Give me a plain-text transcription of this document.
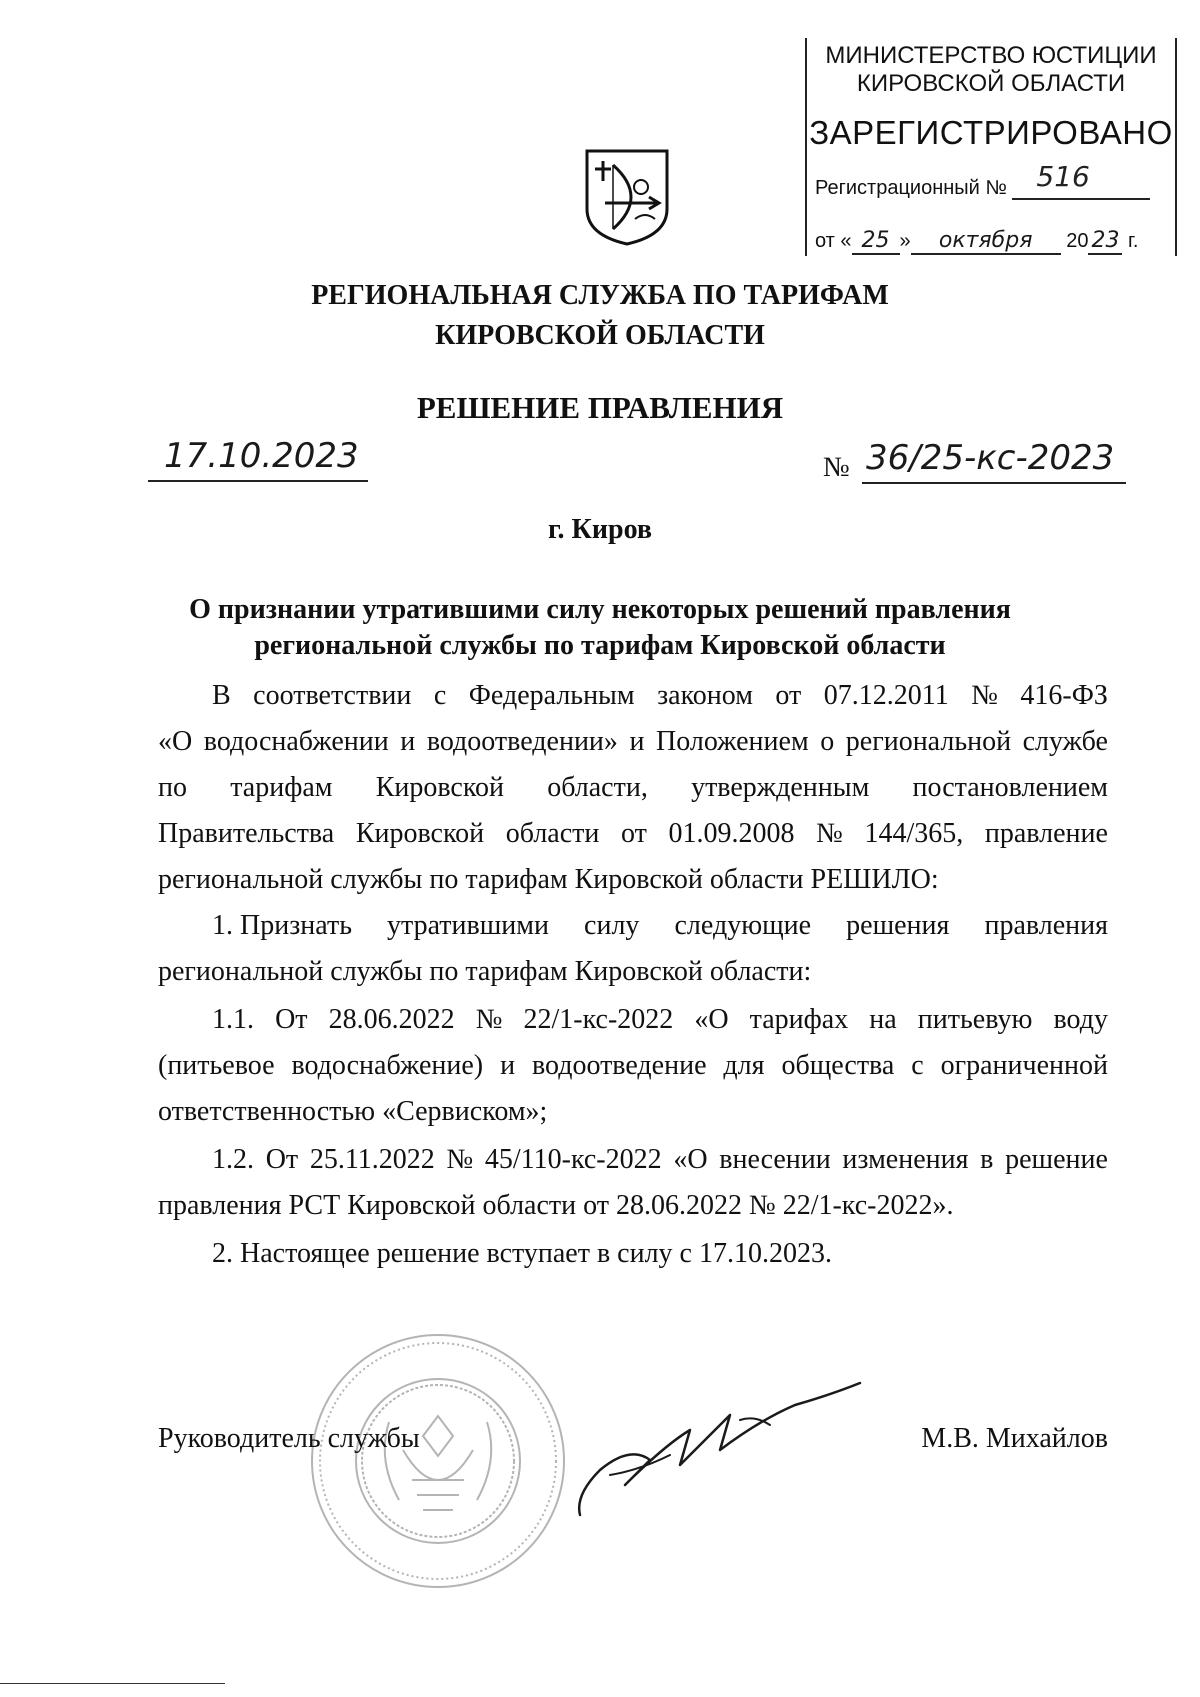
МИНИСТЕРСТВО ЮСТИЦИИ
КИРОВСКОЙ ОБЛАСТИ
ЗАРЕГИСТРИРОВАНО
Регистрационный № 516
от « 25 » октября 20 23 г.
РЕГИОНАЛЬНАЯ СЛУЖБА ПО ТАРИФАМ
КИРОВСКОЙ ОБЛАСТИ
РЕШЕНИЕ ПРАВЛЕНИЯ
17.10.2023	№ 36/25-кс-2023
г. Киров
О признании утратившими силу некоторых решений правления
региональной службы по тарифам Кировской области
В соответствии с Федеральным законом от 07.12.2011 № 416-ФЗ
«О водоснабжении и водоотведении» и Положением о региональной службе
по тарифам Кировской области, утвержденным постановлением
Правительства Кировской области от 01.09.2008 № 144/365, правление
региональной службы по тарифам Кировской области РЕШИЛО:
1. Признать утратившими силу следующие решения правления
региональной службы по тарифам Кировской области:
1.1. От 28.06.2022 № 22/1-кс-2022 «О тарифах на питьевую воду
(питьевое водоснабжение) и водоотведение для общества с ограниченной
ответственностью «Сервиском»;
1.2. От 25.11.2022 № 45/110-кс-2022 «О внесении изменения в решение
правления РСТ Кировской области от 28.06.2022 № 22/1-кс-2022».
2. Настоящее решение вступает в силу с 17.10.2023.
Руководитель службы	М.В. Михайлов
